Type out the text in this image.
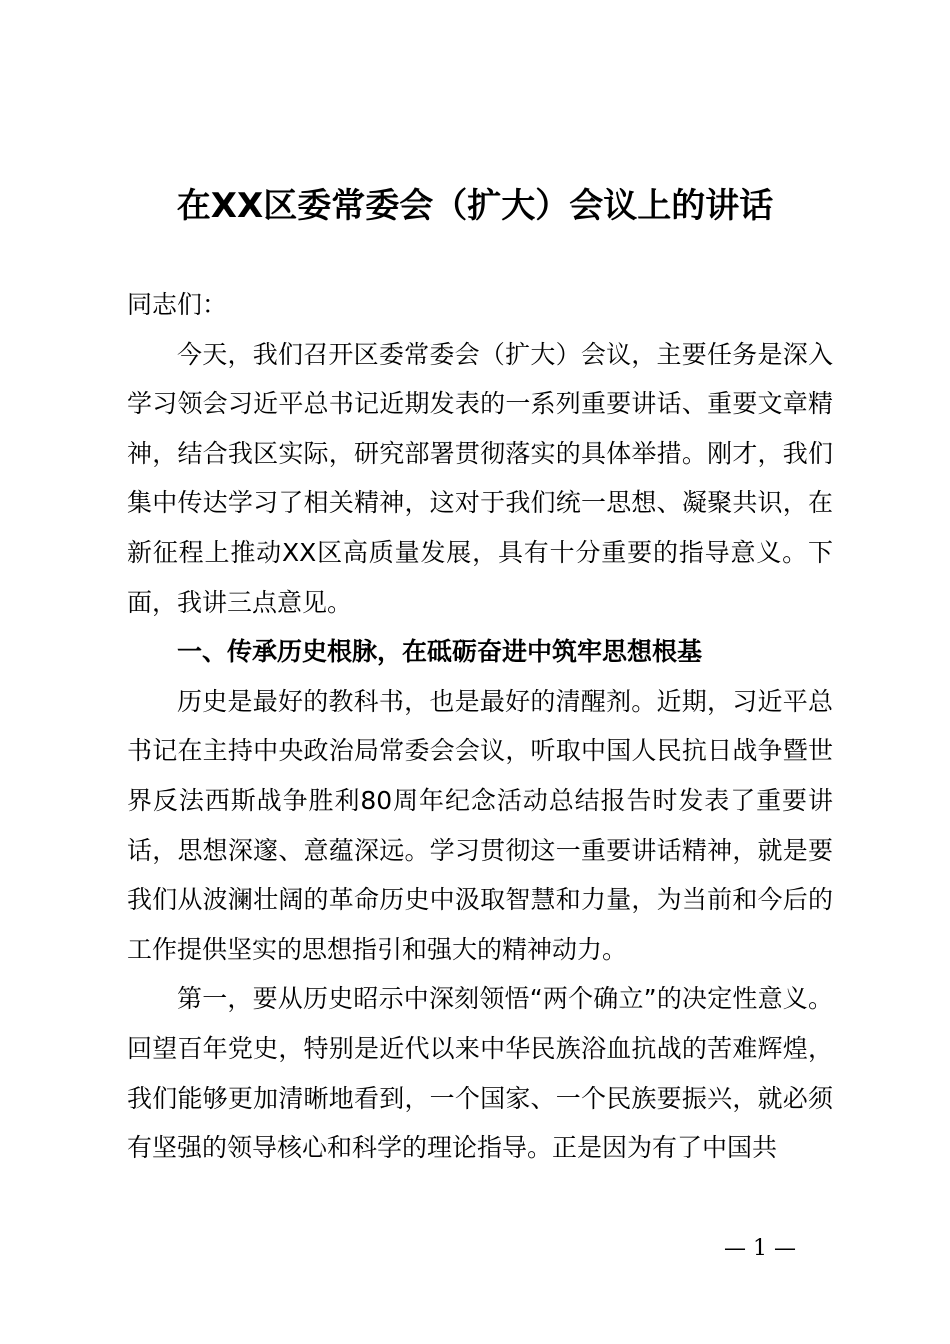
在XX区委常委会（扩大）会议上的讲话

同志们：

今天，我们召开区委常委会（扩大）会议，主要任务是深入学习领会习近平总书记近期发表的一系列重要讲话、重要文章精神，结合我区实际，研究部署贯彻落实的具体举措。刚才，我们集中传达学习了相关精神，这对于我们统一思想、凝聚共识，在新征程上推动XX区高质量发展，具有十分重要的指导意义。下面，我讲三点意见。

一、传承历史根脉，在砥砺奋进中筑牢思想根基

历史是最好的教科书，也是最好的清醒剂。近期，习近平总书记在主持中央政治局常委会会议，听取中国人民抗日战争暨世界反法西斯战争胜利80周年纪念活动总结报告时发表了重要讲话，思想深邃、意蕴深远。学习贯彻这一重要讲话精神，就是要我们从波澜壮阔的革命历史中汲取智慧和力量，为当前和今后的工作提供坚实的思想指引和强大的精神动力。

第一，要从历史昭示中深刻领悟“两个确立”的决定性意义。回望百年党史，特别是近代以来中华民族浴血抗战的苦难辉煌，我们能够更加清晰地看到，一个国家、一个民族要振兴，就必须有坚强的领导核心和科学的理论指导。正是因为有了中国共

— 1 —
